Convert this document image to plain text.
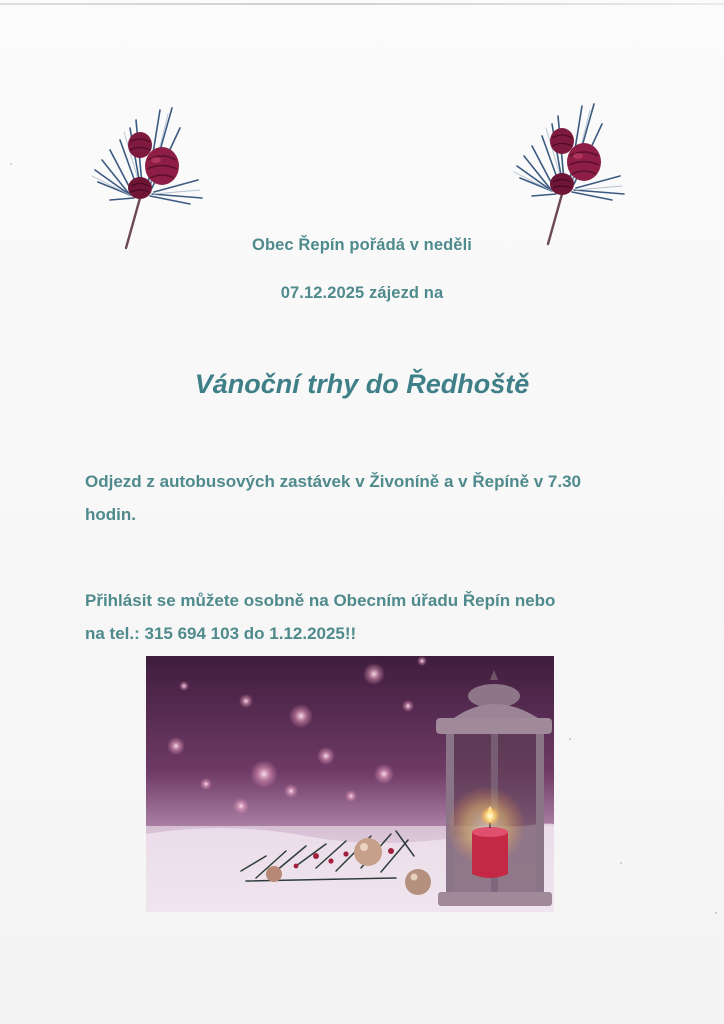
Obec Řepín pořádá v neděli

07.12.2025 zájezd na

Vánoční trhy do Ředhoště

Odjezd z autobusových zastávek v Živoníně a v Řepíně v 7.30
hodin.

Přihlásit se můžete osobně na Obecním úřadu Řepín nebo
na tel.: 315 694 103 do 1.12.2025!!
